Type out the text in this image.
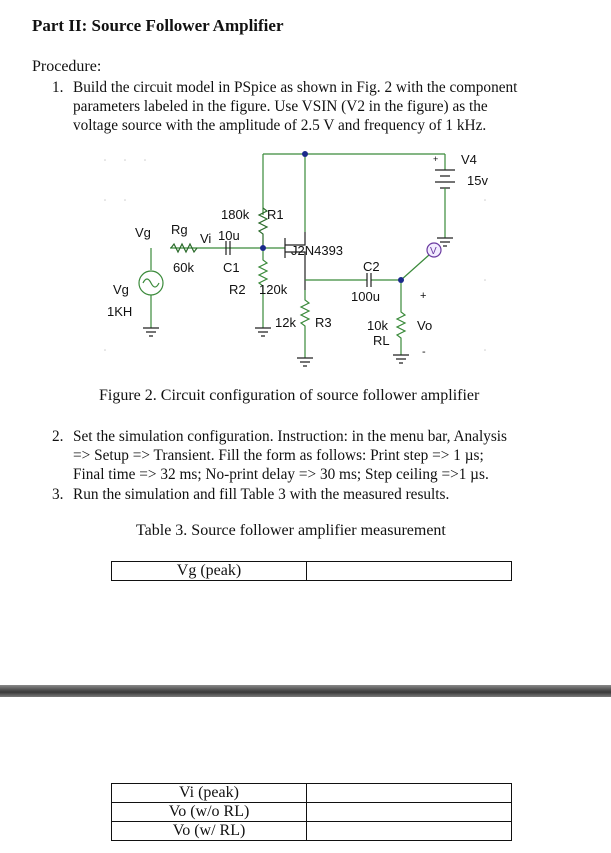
Part II: Source Follower Amplifier
Procedure:
1. Build the circuit model in PSpice as shown in Fig. 2 with the component
parameters labeled in the figure. Use VSIN (V2 in the figure) as the
voltage source with the amplitude of 2.5 V and frequency of 1 kHz.
V4
15v
+
180k R1
Vg Rg
Vi 10u
C1
60k
J2N4393
C2
100u
Vg
1KH
R2 120k
12k R3	10k
RL
Vo
+
-
V
Figure 2. Circuit configuration of source follower amplifier
2. Set the simulation configuration. Instruction: in the menu bar, Analysis
=> Setup => Transient. Fill the form as follows: Print step => 1 µs;
Final time => 32 ms; No-print delay => 30 ms; Step ceiling =>1 µs.
3. Run the simulation and fill Table 3 with the measured results.
Table 3. Source follower amplifier measurement
Vg (peak)	
Vi (peak)	
Vo (w/o RL)	
Vo (w/ RL)	
